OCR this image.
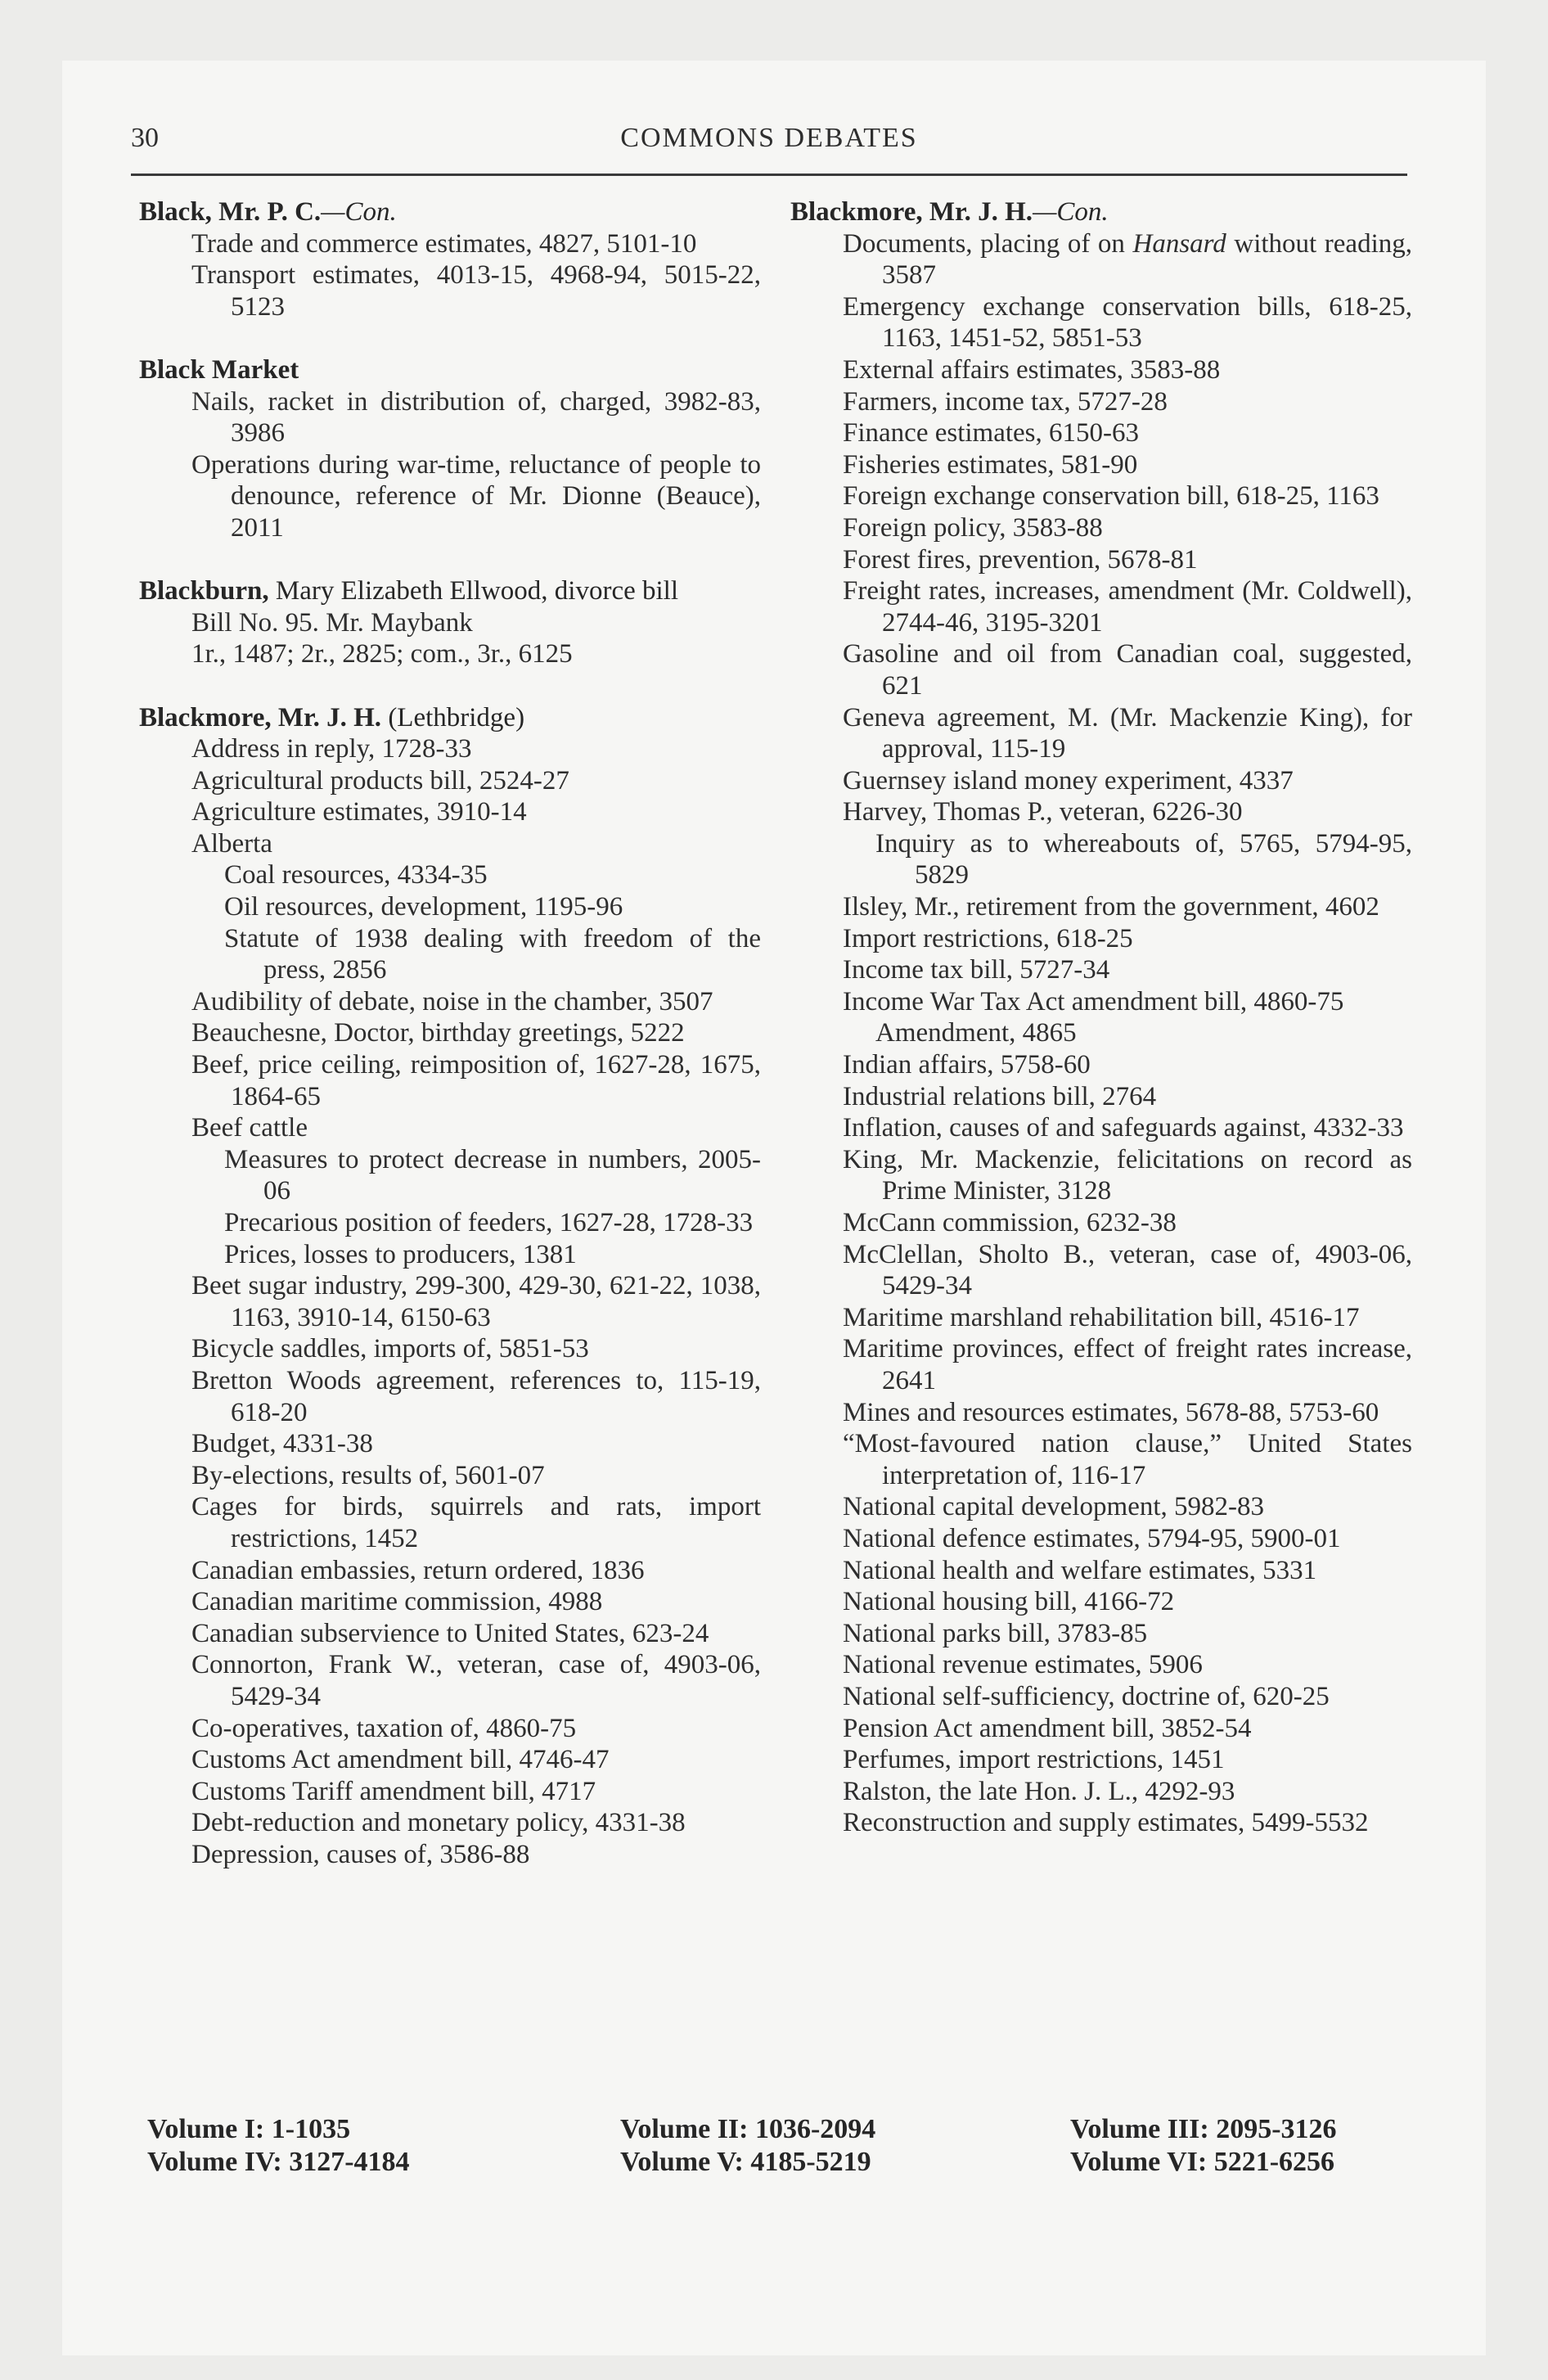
30	COMMONS DEBATES
Black, Mr. P. C.—Con.
Trade and commerce estimates, 4827, 5101-10
Transport estimates, 4013-15, 4968-94, 5015-22, 5123
Black Market
Nails, racket in distribution of, charged, 3982-83, 3986
Operations during war-time, reluctance of people to denounce, reference of Mr. Dionne (Beauce), 2011
Blackburn, Mary Elizabeth Ellwood, divorce bill
Bill No. 95. Mr. Maybank
1r., 1487; 2r., 2825; com., 3r., 6125
Blackmore, Mr. J. H. (Lethbridge)
Address in reply, 1728-33
Agricultural products bill, 2524-27
Agriculture estimates, 3910-14
Alberta
Coal resources, 4334-35
Oil resources, development, 1195-96
Statute of 1938 dealing with freedom of the press, 2856
Audibility of debate, noise in the chamber, 3507
Beauchesne, Doctor, birthday greetings, 5222
Beef, price ceiling, reimposition of, 1627-28, 1675, 1864-65
Beef cattle
Measures to protect decrease in numbers, 2005-06
Precarious position of feeders, 1627-28, 1728-33
Prices, losses to producers, 1381
Beet sugar industry, 299-300, 429-30, 621-22, 1038, 1163, 3910-14, 6150-63
Bicycle saddles, imports of, 5851-53
Bretton Woods agreement, references to, 115-19, 618-20
Budget, 4331-38
By-elections, results of, 5601-07
Cages for birds, squirrels and rats, import restrictions, 1452
Canadian embassies, return ordered, 1836
Canadian maritime commission, 4988
Canadian subservience to United States, 623-24
Connorton, Frank W., veteran, case of, 4903-06, 5429-34
Co-operatives, taxation of, 4860-75
Customs Act amendment bill, 4746-47
Customs Tariff amendment bill, 4717
Debt-reduction and monetary policy, 4331-38
Depression, causes of, 3586-88
Blackmore, Mr. J. H.—Con.
Documents, placing of on Hansard without reading, 3587
Emergency exchange conservation bills, 618-25, 1163, 1451-52, 5851-53
External affairs estimates, 3583-88
Farmers, income tax, 5727-28
Finance estimates, 6150-63
Fisheries estimates, 581-90
Foreign exchange conservation bill, 618-25, 1163
Foreign policy, 3583-88
Forest fires, prevention, 5678-81
Freight rates, increases, amendment (Mr. Coldwell), 2744-46, 3195-3201
Gasoline and oil from Canadian coal, suggested, 621
Geneva agreement, M. (Mr. Mackenzie King), for approval, 115-19
Guernsey island money experiment, 4337
Harvey, Thomas P., veteran, 6226-30
Inquiry as to whereabouts of, 5765, 5794-95, 5829
Ilsley, Mr., retirement from the government, 4602
Import restrictions, 618-25
Income tax bill, 5727-34
Income War Tax Act amendment bill, 4860-75
Amendment, 4865
Indian affairs, 5758-60
Industrial relations bill, 2764
Inflation, causes of and safeguards against, 4332-33
King, Mr. Mackenzie, felicitations on record as Prime Minister, 3128
McCann commission, 6232-38
McClellan, Sholto B., veteran, case of, 4903-06, 5429-34
Maritime marshland rehabilitation bill, 4516-17
Maritime provinces, effect of freight rates increase, 2641
Mines and resources estimates, 5678-88, 5753-60
“Most-favoured nation clause,” United States interpretation of, 116-17
National capital development, 5982-83
National defence estimates, 5794-95, 5900-01
National health and welfare estimates, 5331
National housing bill, 4166-72
National parks bill, 3783-85
National revenue estimates, 5906
National self-sufficiency, doctrine of, 620-25
Pension Act amendment bill, 3852-54
Perfumes, import restrictions, 1451
Ralston, the late Hon. J. L., 4292-93
Reconstruction and supply estimates, 5499-5532
Volume I: 1-1035
Volume IV: 3127-4184
Volume II: 1036-2094
Volume V: 4185-5219
Volume III: 2095-3126
Volume VI: 5221-6256
